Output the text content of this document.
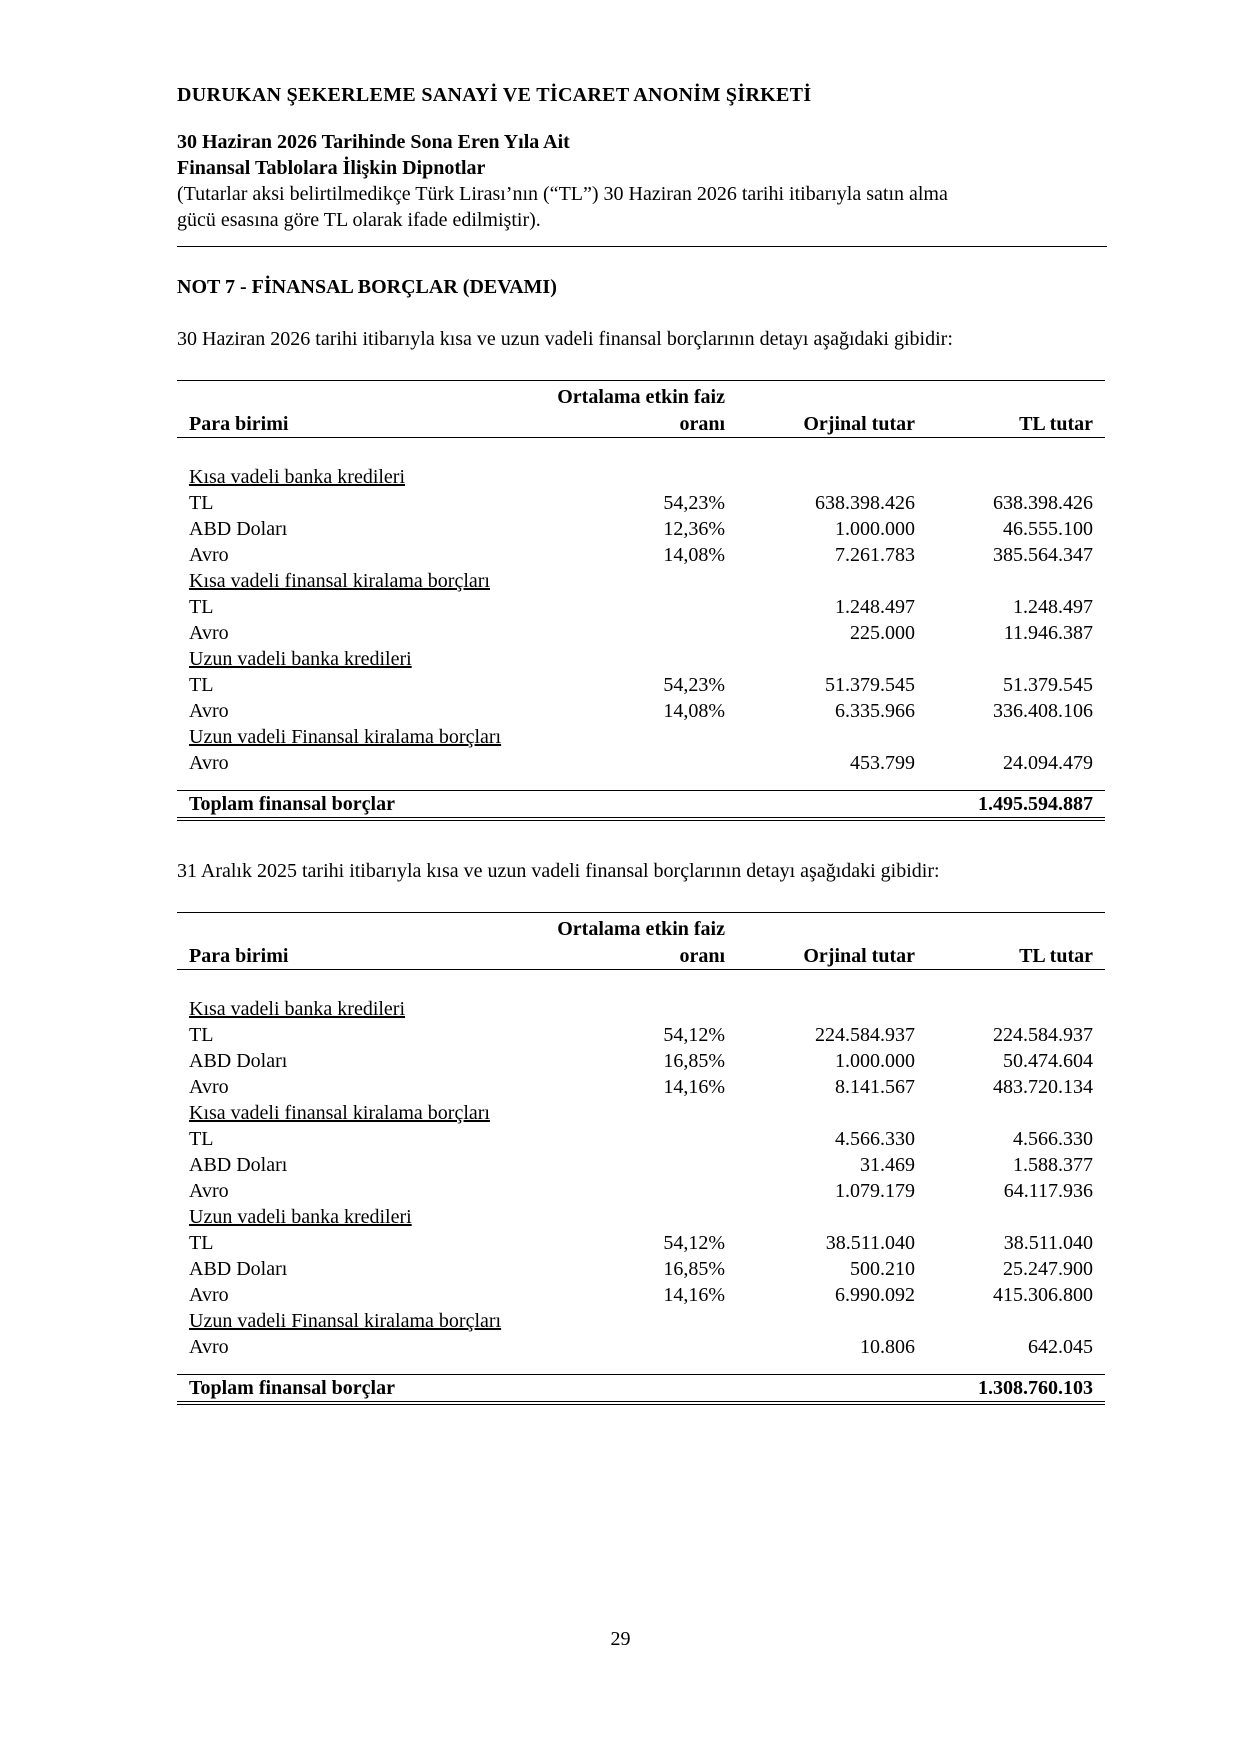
DURUKAN ŞEKERLEME SANAYİ VE TİCARET ANONİM ŞİRKETİ
30 Haziran 2026 Tarihinde Sona Eren Yıla Ait
Finansal Tablolara İlişkin Dipnotlar
(Tutarlar aksi belirtilmedikçe Türk Lirası’nın (“TL”) 30 Haziran 2026 tarihi itibarıyla satın alma
gücü esasına göre TL olarak ifade edilmiştir).
NOT 7 - FİNANSAL BORÇLAR (DEVAMI)
30 Haziran 2026 tarihi itibarıyla kısa ve uzun vadeli finansal borçlarının detayı aşağıdaki gibidir:
	Ortalama etkin faiz		
Para birimi	oranı	Orjinal tutar	TL tutar

Kısa vadeli banka kredileri			
TL	54,23%	638.398.426	638.398.426
ABD Doları	12,36%	1.000.000	46.555.100
Avro	14,08%	7.261.783	385.564.347
Kısa vadeli finansal kiralama borçları			
TL		1.248.497	1.248.497
Avro		225.000	11.946.387
Uzun vadeli banka kredileri			
TL	54,23%	51.379.545	51.379.545
Avro	14,08%	6.335.966	336.408.106
Uzun vadeli Finansal kiralama borçları			
Avro		453.799	24.094.479

Toplam finansal borçlar			1.495.594.887
31 Aralık 2025 tarihi itibarıyla kısa ve uzun vadeli finansal borçlarının detayı aşağıdaki gibidir:
	Ortalama etkin faiz		
Para birimi	oranı	Orjinal tutar	TL tutar

Kısa vadeli banka kredileri			
TL	54,12%	224.584.937	224.584.937
ABD Doları	16,85%	1.000.000	50.474.604
Avro	14,16%	8.141.567	483.720.134
Kısa vadeli finansal kiralama borçları			
TL		4.566.330	4.566.330
ABD Doları		31.469	1.588.377
Avro		1.079.179	64.117.936
Uzun vadeli banka kredileri			
TL	54,12%	38.511.040	38.511.040
ABD Doları	16,85%	500.210	25.247.900
Avro	14,16%	6.990.092	415.306.800
Uzun vadeli Finansal kiralama borçları			
Avro		10.806	642.045

Toplam finansal borçlar			1.308.760.103
29
